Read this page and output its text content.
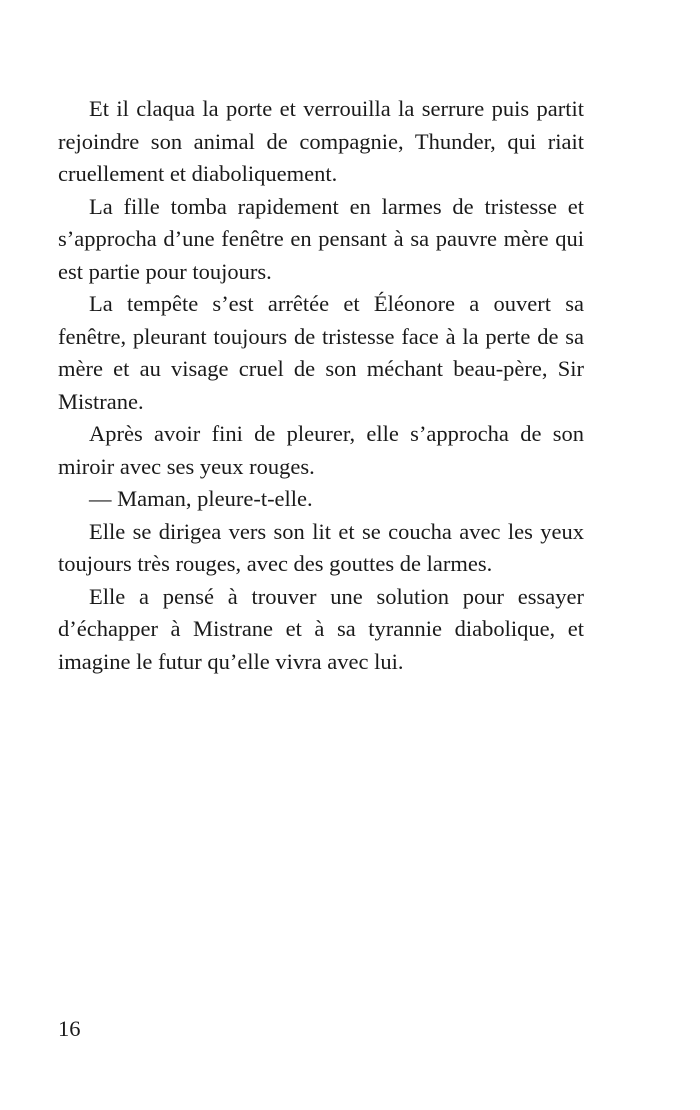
Et il claqua la porte et verrouilla la serrure puis partit rejoindre son animal de compagnie, Thunder, qui riait cruellement et diaboliquement.

La fille tomba rapidement en larmes de tristesse et s’approcha d’une fenêtre en pensant à sa pauvre mère qui est partie pour toujours.

La tempête s’est arrêtée et Éléonore a ouvert sa fenêtre, pleurant toujours de tristesse face à la perte de sa mère et au visage cruel de son méchant beau-père, Sir Mistrane.

Après avoir fini de pleurer, elle s’approcha de son miroir avec ses yeux rouges.

— Maman, pleure-t-elle.

Elle se dirigea vers son lit et se coucha avec les yeux toujours très rouges, avec des gouttes de larmes.

Elle a pensé à trouver une solution pour essayer d’échapper à Mistrane et à sa tyrannie diabolique, et imagine le futur qu’elle vivra avec lui.

16
